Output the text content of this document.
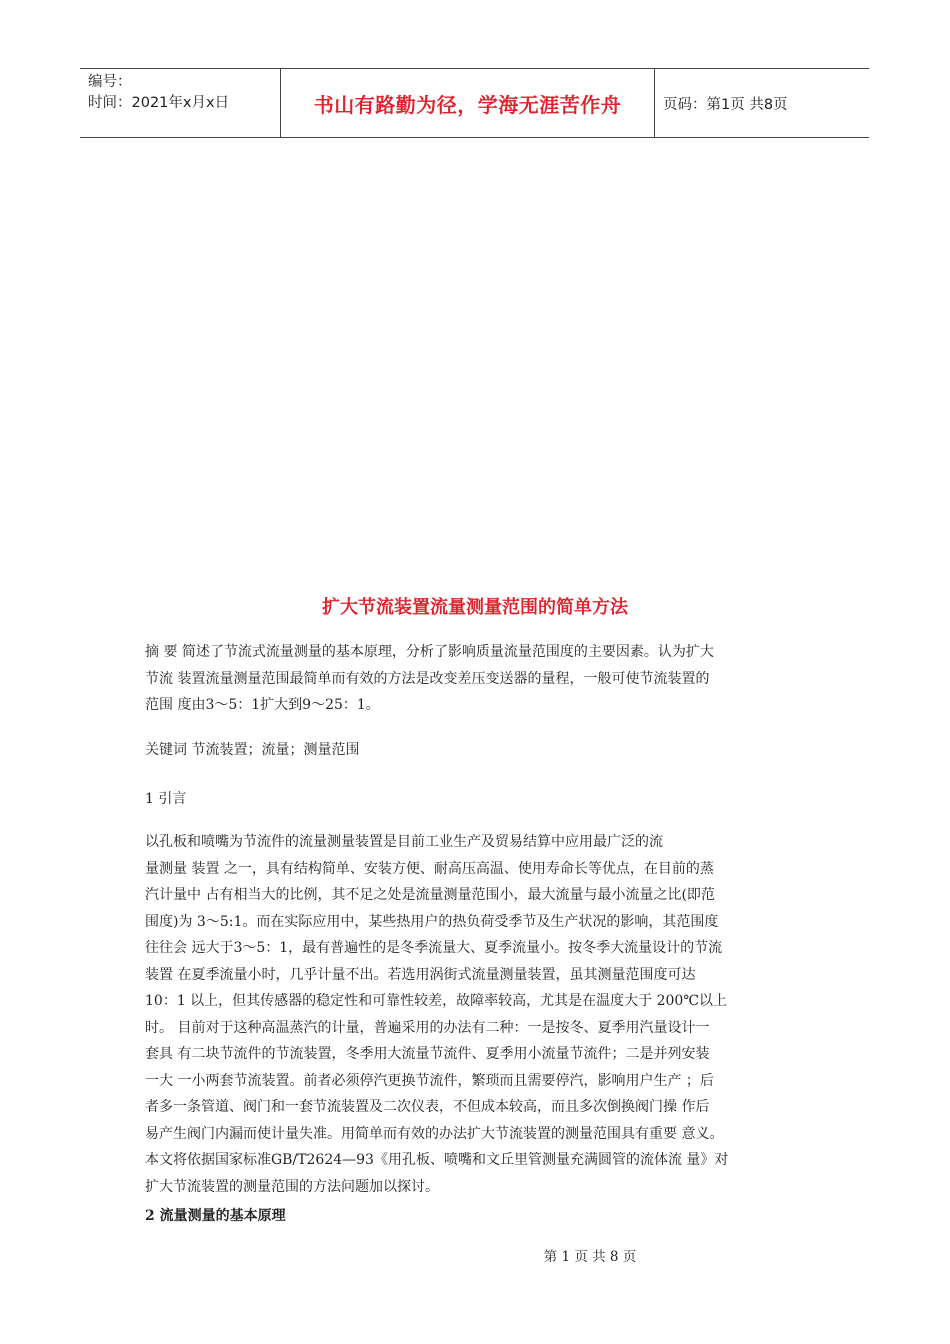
编号：
时间：2021年x月x日	书山有路勤为径，学海无涯苦作舟	页码：第1页 共8页
扩大节流装置流量测量范围的简单方法

摘 要 简述了节流式流量测量的基本原理，分析了影响质量流量范围度的主要因素。认为扩大
节流 装置流量测量范围最简单而有效的方法是改变差压变送器的量程，一般可使节流装置的
范围 度由3～5：1扩大到9～25：1。

关键词 节流装置；流量；测量范围

1 引言

以孔板和喷嘴为节流件的流量测量装置是目前工业生产及贸易结算中应用最广泛的流
量测量 装置 之一，具有结构简单、安装方便、耐高压高温、使用寿命长等优点，在目前的蒸
汽计量中 占有相当大的比例，其不足之处是流量测量范围小，最大流量与最小流量之比(即范
围度)为 3～5:1。而在实际应用中，某些热用户的热负荷受季节及生产状况的影响，其范围度
往往会 远大于3～5：1，最有普遍性的是冬季流量大、夏季流量小。按冬季大流量设计的节流
装置 在夏季流量小时，几乎计量不出。若选用涡街式流量测量装置，虽其测量范围度可达
10：1 以上，但其传感器的稳定性和可靠性较差，故障率较高，尤其是在温度大于 200℃以上
时。 目前对于这种高温蒸汽的计量，普遍采用的办法有二种：一是按冬、夏季用汽量设计一
套具 有二块节流件的节流装置，冬季用大流量节流件、夏季用小流量节流件；二是并列安装
一大 一小两套节流装置。前者必须停汽更换节流件，繁琐而且需要停汽，影响用户生产 ；后
者多一条管道、阀门和一套节流装置及二次仪表，不但成本较高，而且多次倒换阀门操 作后
易产生阀门内漏而使计量失准。用简单而有效的办法扩大节流装置的测量范围具有重要 意义。
本文将依据国家标准GB/T2624—93《用孔板、喷嘴和文丘里管测量充满圆管的流体流 量》对
扩大节流装置的测量范围的方法问题加以探讨。

2 流量测量的基本原理

第 1 页 共 8 页
